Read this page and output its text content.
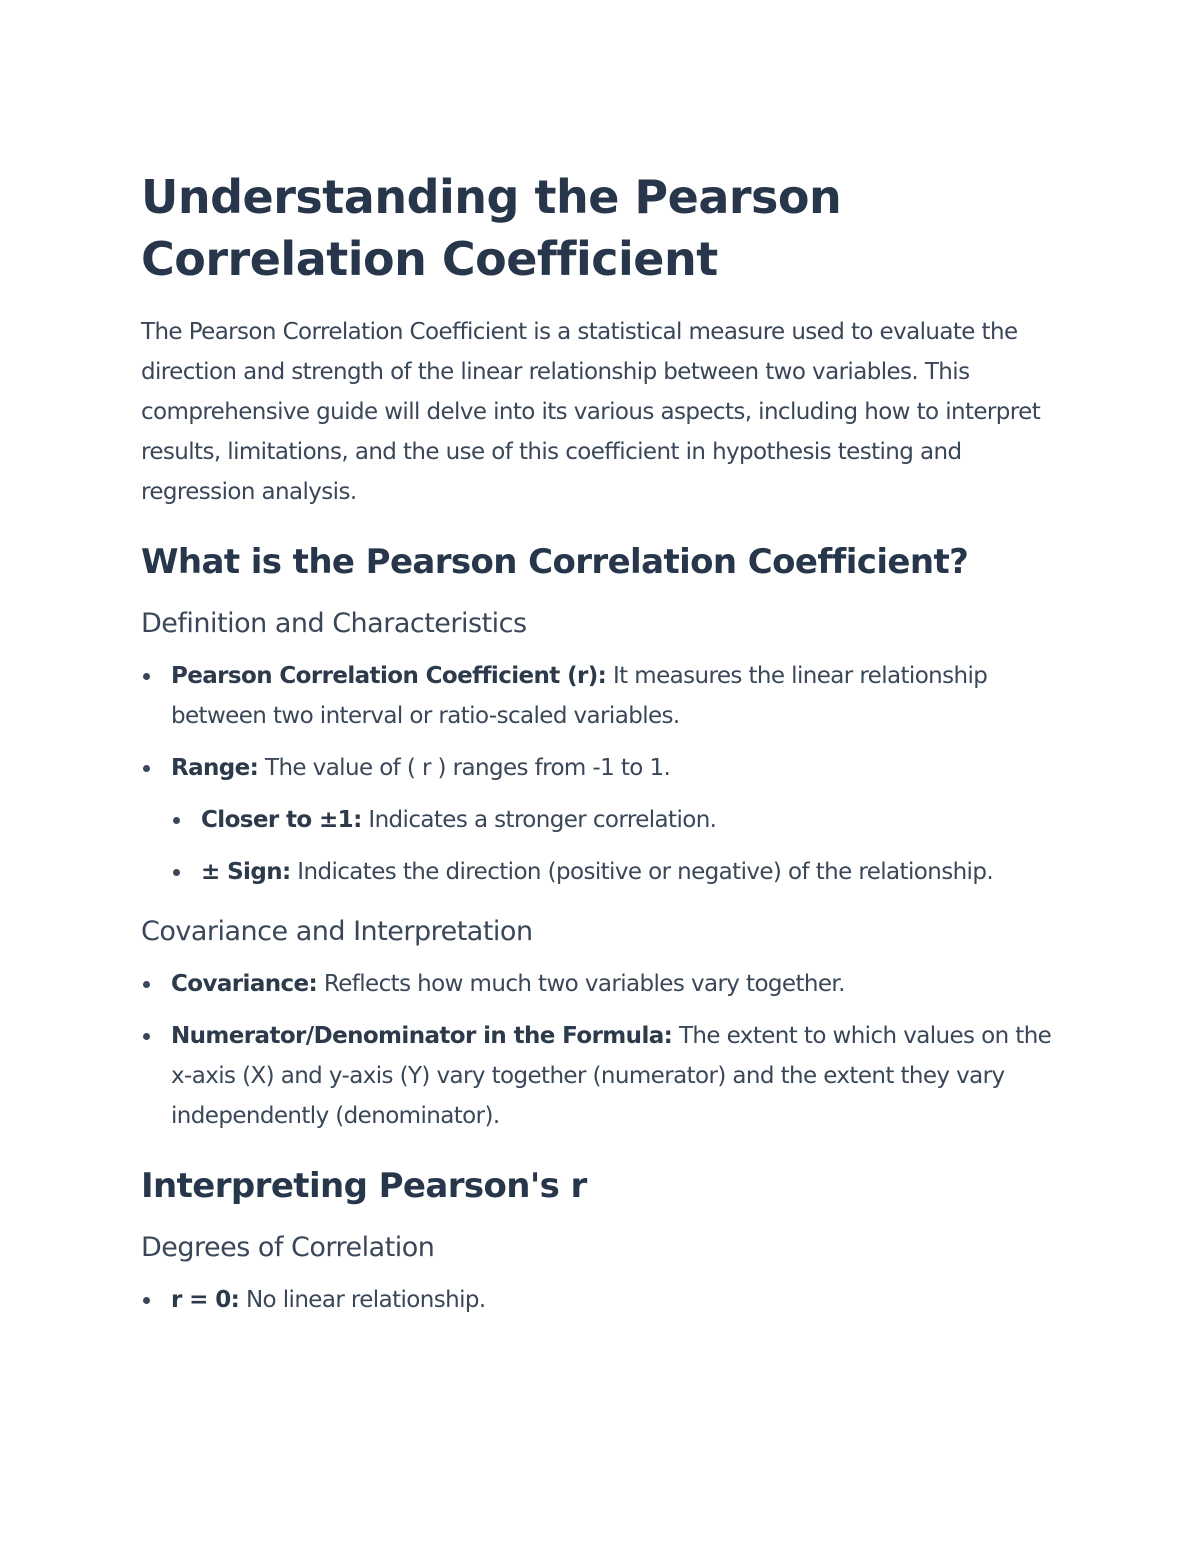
Understanding the Pearson Correlation Coefficient

The Pearson Correlation Coefficient is a statistical measure used to evaluate the direction and strength of the linear relationship between two variables. This comprehensive guide will delve into its various aspects, including how to interpret results, limitations, and the use of this coefficient in hypothesis testing and regression analysis.

What is the Pearson Correlation Coefficient?
Definition and Characteristics
Pearson Correlation Coefficient (r): It measures the linear relationship between two interval or ratio-scaled variables.
Range: The value of ( r ) ranges from -1 to 1.
Closer to ±1: Indicates a stronger correlation.
± Sign: Indicates the direction (positive or negative) of the relationship.
Covariance and Interpretation
Covariance: Reflects how much two variables vary together.
Numerator/Denominator in the Formula: The extent to which values on the x-axis (X) and y-axis (Y) vary together (numerator) and the extent they vary independently (denominator).
Interpreting Pearson's r
Degrees of Correlation
r = 0: No linear relationship.
